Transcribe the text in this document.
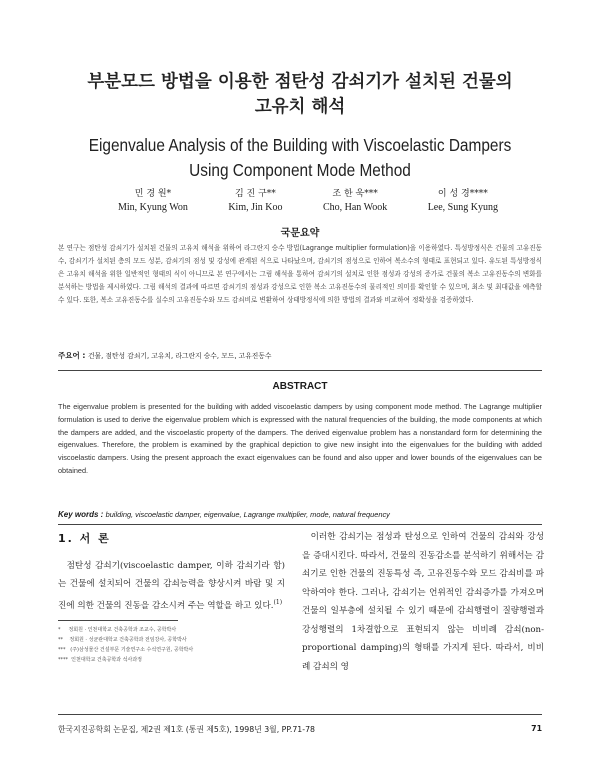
부분모드 방법을 이용한 점탄성 감쇠기가 설치된 건물의
고유치 해석
Eigenvalue Analysis of the Building with Viscoelastic Dampers
Using Component Mode Method
민 경 원*
Min, Kyung Won
김 진 구**
Kim, Jin Koo
조 한 욱***
Cho, Han Wook
이 성 경****
Lee, Sung Kyung
국문요약
본 연구는 점탄성 감쇠기가 설치된 건물의 고유치 해석을 위하여 라그란지 승수 방법(Lagrange multiplier formulation)을 이용하였다. 특성방정식은 건물의 고유진동수, 감쇠기가 설치된 층의 모드 성분, 감쇠기의 점성 및 강성에 관계된 식으로 나타났으며, 감쇠기의 점성으로 인하여 복소수의 형태로 표현되고 있다. 유도된 특성방정식은 고유치 해석을 위한 일반적인 형태의 식이 아니므로 본 연구에서는 그림 해석을 통하여 감쇠기의 설치로 인한 점성과 강성의 증가로 건물의 복소 고유진동수의 변화를 분석하는 방법을 제시하였다. 그림 해석의 결과에 따르면 감쇠기의 점성과 강성으로 인한 복소 고유진동수의 물리적인 의미를 확인할 수 있으며, 최소 및 최대값을 예측할 수 있다. 또한, 복소 고유진동수를 실수의 고유진동수와 모드 감쇠비로 변환하여 상태방정식에 의한 방법의 결과와 비교하여 정확성을 검증하였다.
주요어 : 건물, 점탄성 감쇠기, 고유치, 라그란지 승수, 모드, 고유진동수
ABSTRACT
The eigenvalue problem is presented for the building with added viscoelastic dampers by using component mode method. The Lagrange multiplier formulation is used to derive the eigenvalue problem which is expressed with the natural frequencies of the building, the mode components at which the dampers are added, and the viscoelastic property of the dampers. The derived eigenvalue problem has a nonstandard form for determining the eigenvalues. Therefore, the problem is examined by the graphical depiction to give new insight into the eigenvalues for the building with added viscoelastic dampers. Using the present approach the exact eigenvalues can be found and also upper and lower bounds of the eigenvalues can be obtained.
Key words : building, viscoelastic damper, eigenvalue, Lagrange multiplier, mode, natural frequency
1. 서 론
점탄성 감쇠기(viscoelastic damper, 이하 감쇠기라 함)는 건물에 설치되어 건물의 감쇠능력을 향상시켜 바람 및 지진에 의한 건물의 진동을 감소시켜 주는 역할을 하고 있다.$^{(1)}$
*     정회원 · 인천대학교 건축공학과 조교수, 공학박사
**    정회원 · 성균관대학교 건축공학과 전임강사, 공학박사
***   (주)삼성물산 건설부문 기술연구소 수석연구원, 공학박사
****  인천대학교 건축공학과 석사과정
이러한 감쇠기는 점성과 탄성으로 인하여 건물의 감쇠와 강성을 증대시킨다. 따라서, 건물의 진동감소를 분석하기 위해서는 감쇠기로 인한 건물의 진동특성 즉, 고유진동수와 모드 감쇠비를 파악하여야 한다. 그러나, 감쇠기는 언위적인 감쇠증가를 가져오며 건물의 일부층에 설치될 수 있기 때문에 감쇠행렬이 질량행렬과 강성행렬의 1차결합으로 표현되지 않는 비비례 감쇠(non-proportional damping)의 형태를 가지게 된다. 따라서, 비비례 감쇠의 영
한국지진공학회 논문집, 제2권 제1호 (통권 제5호), 1998년 3월, PP.71-78	71
